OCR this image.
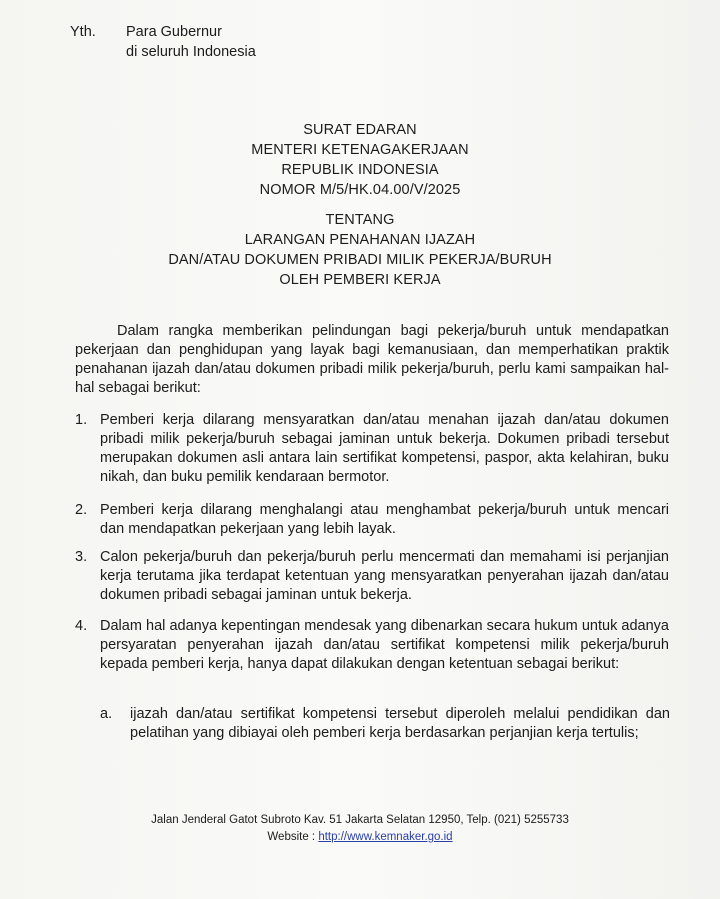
Yth. Para Gubernur
di seluruh Indonesia
SURAT EDARAN
MENTERI KETENAGAKERJAAN
REPUBLIK INDONESIA
NOMOR M/5/HK.04.00/V/2025
TENTANG
LARANGAN PENAHANAN IJAZAH
DAN/ATAU DOKUMEN PRIBADI MILIK PEKERJA/BURUH
OLEH PEMBERI KERJA
Dalam rangka memberikan pelindungan bagi pekerja/buruh untuk mendapatkan pekerjaan dan penghidupan yang layak bagi kemanusiaan, dan memperhatikan praktik penahanan ijazah dan/atau dokumen pribadi milik pekerja/buruh, perlu kami sampaikan hal-hal sebagai berikut:
1. Pemberi kerja dilarang mensyaratkan dan/atau menahan ijazah dan/atau dokumen pribadi milik pekerja/buruh sebagai jaminan untuk bekerja. Dokumen pribadi tersebut merupakan dokumen asli antara lain sertifikat kompetensi, paspor, akta kelahiran, buku nikah, dan buku pemilik kendaraan bermotor.
2. Pemberi kerja dilarang menghalangi atau menghambat pekerja/buruh untuk mencari dan mendapatkan pekerjaan yang lebih layak.
3. Calon pekerja/buruh dan pekerja/buruh perlu mencermati dan memahami isi perjanjian kerja terutama jika terdapat ketentuan yang mensyaratkan penyerahan ijazah dan/atau dokumen pribadi sebagai jaminan untuk bekerja.
4. Dalam hal adanya kepentingan mendesak yang dibenarkan secara hukum untuk adanya persyaratan penyerahan ijazah dan/atau sertifikat kompetensi milik pekerja/buruh kepada pemberi kerja, hanya dapat dilakukan dengan ketentuan sebagai berikut:
a. ijazah dan/atau sertifikat kompetensi tersebut diperoleh melalui pendidikan dan pelatihan yang dibiayai oleh pemberi kerja berdasarkan perjanjian kerja tertulis;
Jalan Jenderal Gatot Subroto Kav. 51 Jakarta Selatan 12950, Telp. (021) 5255733
Website : http://www.kemnaker.go.id
